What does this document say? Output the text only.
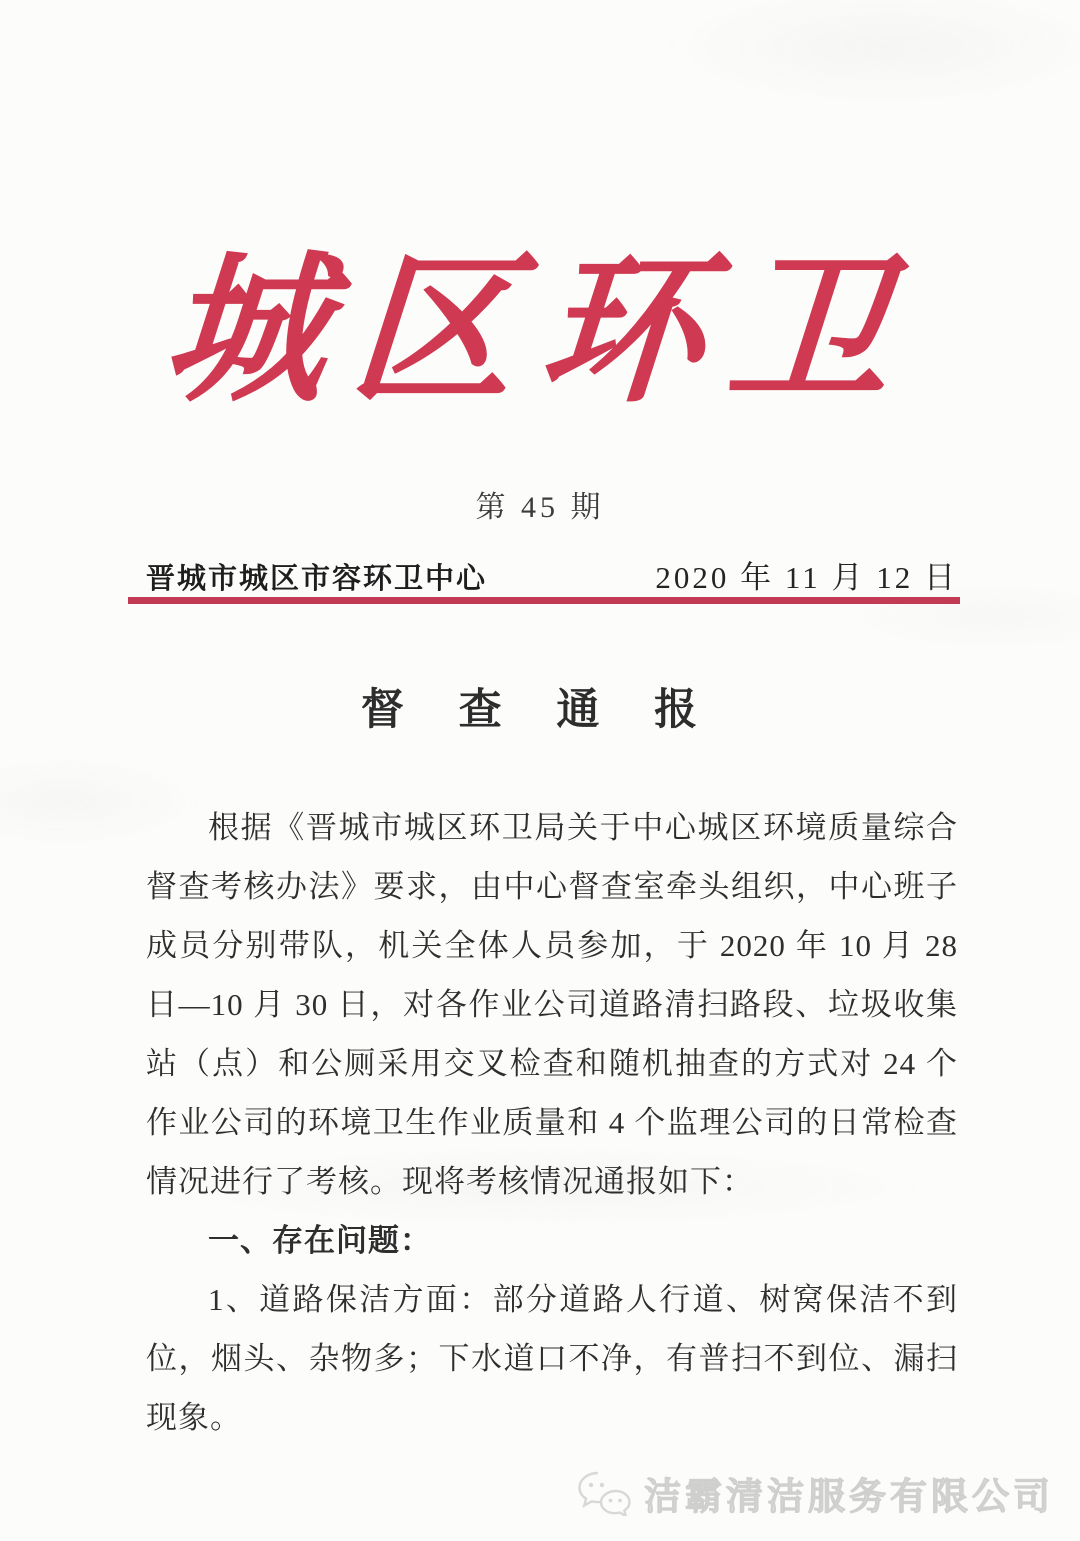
城区环卫
第 45 期
晋城市城区市容环卫中心	2020 年 11 月 12 日
督 查 通 报

根据《晋城市城区环卫局关于中心城区环境质量综合督查考核办法》要求，由中心督查室牵头组织，中心班子成员分别带队，机关全体人员参加，于 2020 年 10 月 28 日—10 月 30 日，对各作业公司道路清扫路段、垃圾收集站（点）和公厕采用交叉检查和随机抽查的方式对 24 个作业公司的环境卫生作业质量和 4 个监理公司的日常检查情况进行了考核。现将考核情况通报如下：

一、存在问题：

1、道路保洁方面：部分道路人行道、树窝保洁不到位，烟头、杂物多；下水道口不净，有普扫不到位、漏扫现象。

洁霸清洁服务有限公司
